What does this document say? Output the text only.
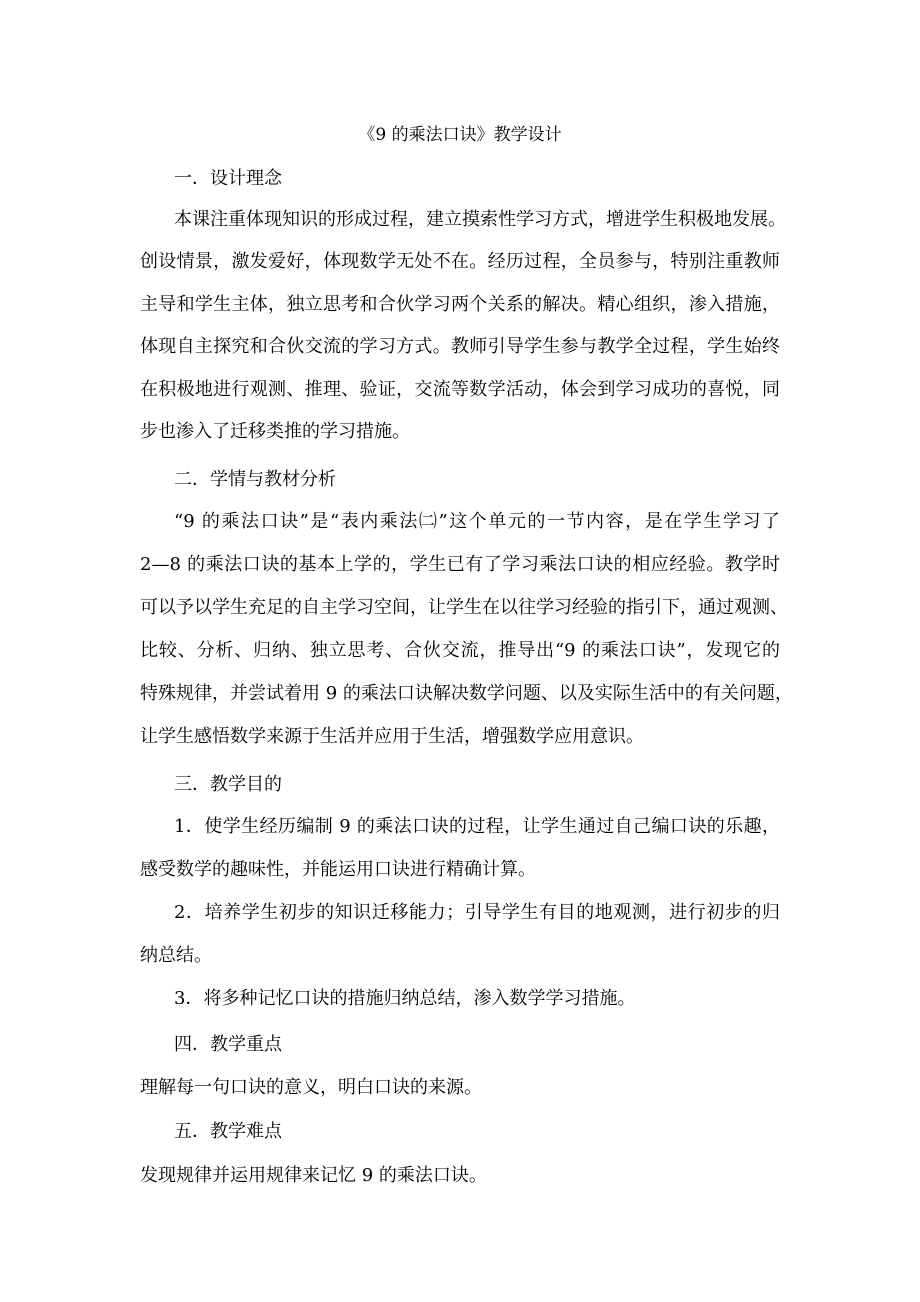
《9 的乘法口诀》教学设计
一．设计理念
本课注重体现知识的形成过程，建立摸索性学习方式，增进学生积极地发展。
创设情景，激发爱好，体现数学无处不在。经历过程，全员参与，特别注重教师
主导和学生主体，独立思考和合伙学习两个关系的解决。精心组织，渗入措施，
体现自主探究和合伙交流的学习方式。教师引导学生参与教学全过程，学生始终
在积极地进行观测、推理、验证，交流等数学活动，体会到学习成功的喜悦，同
步也渗入了迁移类推的学习措施。
二．学情与教材分析
“9 的乘法口诀”是“表内乘法㈡”这个单元的一节内容，是在学生学习了
2—8 的乘法口诀的基本上学的，学生已有了学习乘法口诀的相应经验。教学时
可以予以学生充足的自主学习空间，让学生在以往学习经验的指引下，通过观测、
比较、分析、归纳、独立思考、合伙交流，推导出“9 的乘法口诀”，发现它的
特殊规律，并尝试着用 9 的乘法口诀解决数学问题、以及实际生活中的有关问题，
让学生感悟数学来源于生活并应用于生活，增强数学应用意识。
三．教学目的
1．使学生经历编制 9 的乘法口诀的过程，让学生通过自己编口诀的乐趣，
感受数学的趣味性，并能运用口诀进行精确计算。
2．培养学生初步的知识迁移能力；引导学生有目的地观测，进行初步的归
纳总结。
3．将多种记忆口诀的措施归纳总结，渗入数学学习措施。
四．教学重点
理解每一句口诀的意义，明白口诀的来源。
五．教学难点
发现规律并运用规律来记忆 9 的乘法口诀。
